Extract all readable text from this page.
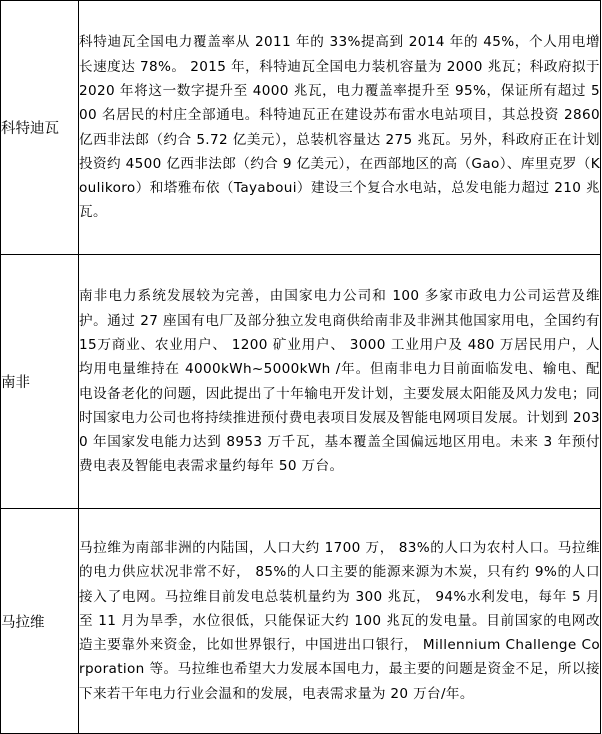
科特迪瓦	科特迪瓦全国电力覆盖率从 2011 年的 33%提高到 2014 年的 45%，个人用电增长速度达 78%。 2015 年，科特迪瓦全国电力装机容量为 2000 兆瓦；科政府拟于 2020 年将这一数字提升至 4000 兆瓦，电力覆盖率提升至 95%，保证所有超过 500 名居民的村庄全部通电。科特迪瓦正在建设苏布雷水电站项目，其总投资 2860 亿西非法郎（约合 5.72 亿美元），总装机容量达 275 兆瓦。另外，科政府正在计划投资约 4500 亿西非法郎（约合 9 亿美元），在西部地区的高（Gao）、库里克罗（Koulikoro）和塔雅布依（Tayaboui）建设三个复合水电站，总发电能力超过 210 兆瓦。
南非	南非电力系统发展较为完善，由国家电力公司和 100 多家市政电力公司运营及维护。通过 27 座国有电厂及部分独立发电商供给南非及非洲其他国家用电，全国约有 15万商业、农业用户、 1200 矿业用户、 3000 工业用户及 480 万居民用户，人均用电量维持在 4000kWh~5000kWh /年。但南非电力目前面临发电、输电、配电设备老化的问题，因此提出了十年输电开发计划，主要发展太阳能及风力发电；同时国家电力公司也将持续推进预付费电表项目发展及智能电网项目发展。计划到 2030 年国家发电能力达到 8953 万千瓦，基本覆盖全国偏远地区用电。未来 3 年预付费电表及智能电表需求量约每年 50 万台。
马拉维	马拉维为南部非洲的内陆国，人口大约 1700 万， 83%的人口为农村人口。马拉维的电力供应状况非常不好， 85%的人口主要的能源来源为木炭，只有约 9%的人口接入了电网。马拉维目前发电总装机量约为 300 兆瓦， 94%水利发电，每年 5 月至 11 月为旱季，水位很低，只能保证大约 100 兆瓦的发电量。目前国家的电网改造主要靠外来资金，比如世界银行，中国进出口银行， Millennium Challenge Corporation 等。马拉维也希望大力发展本国电力，最主要的问题是资金不足，所以接下来若干年电力行业会温和的发展，电表需求量为 20 万台/年。
